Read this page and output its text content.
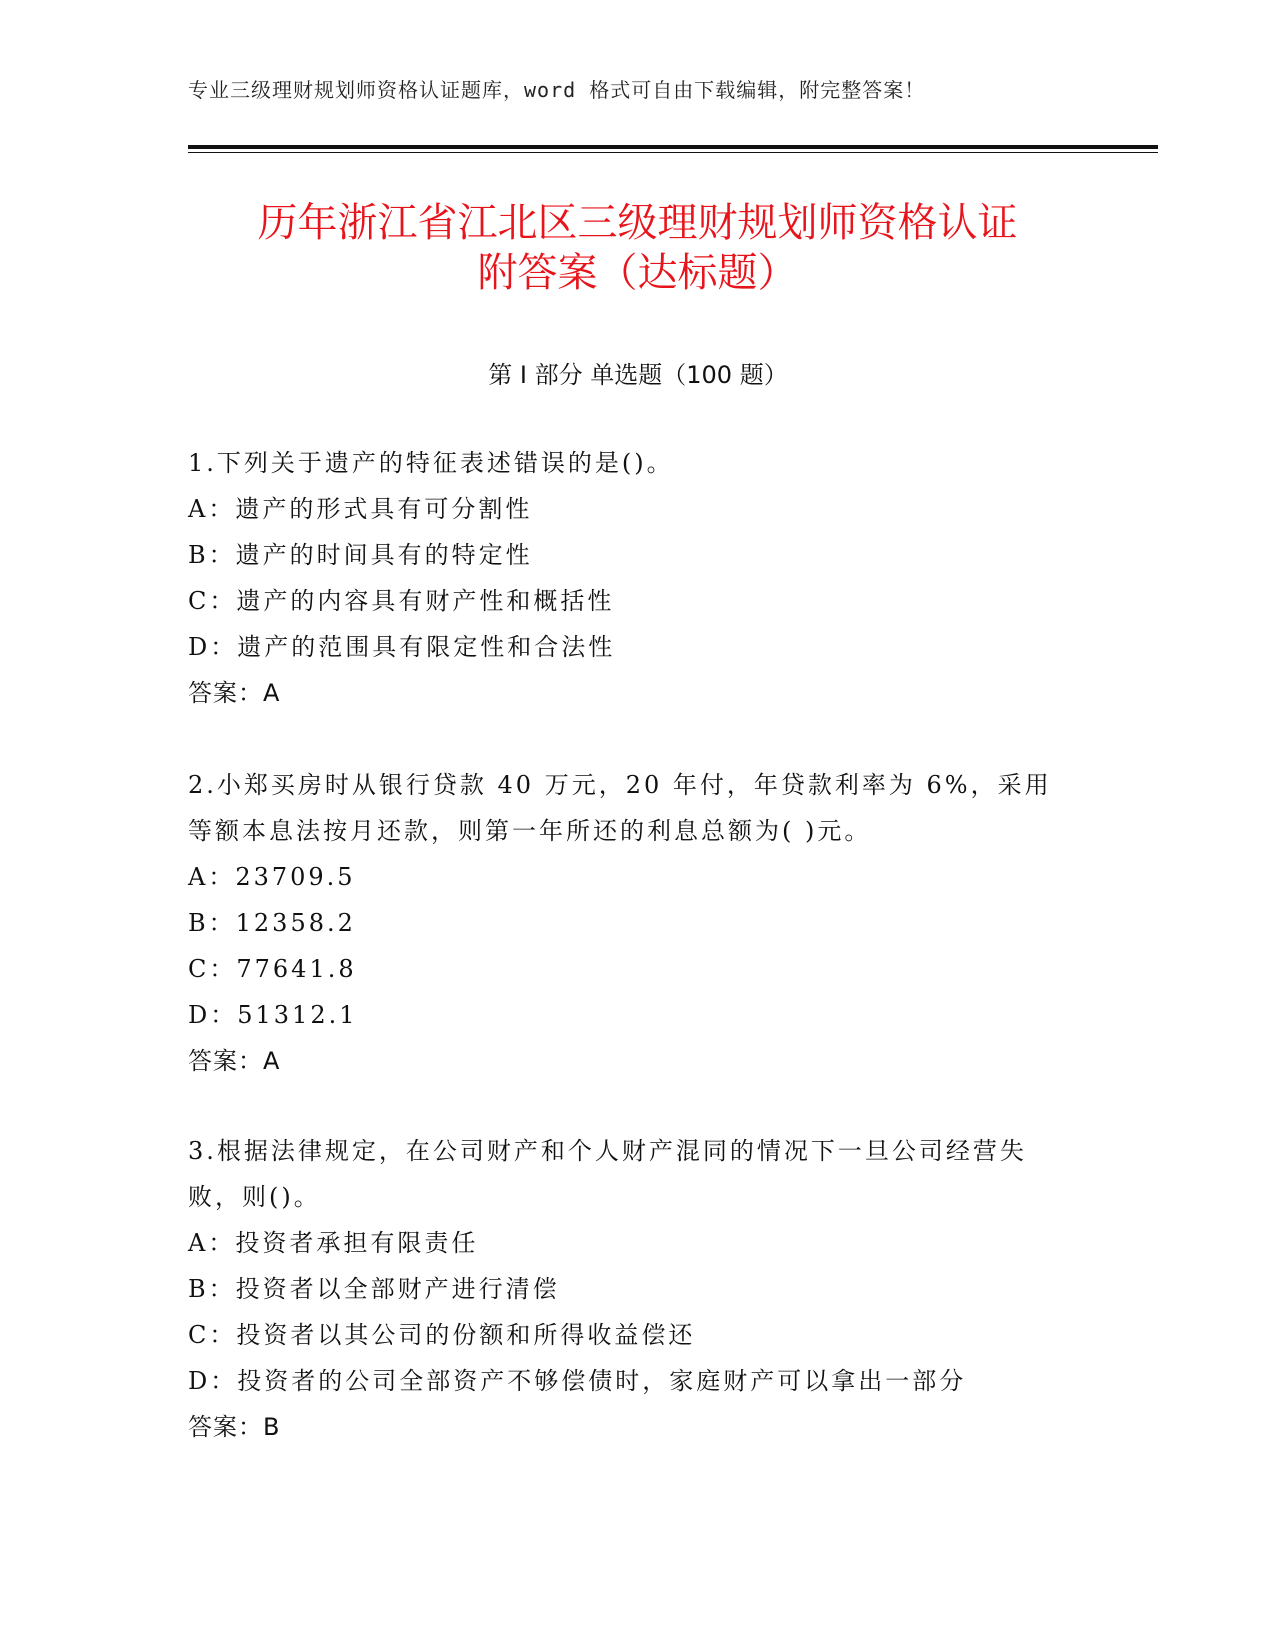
专业三级理财规划师资格认证题库，word 格式可自由下载编辑，附完整答案！
历年浙江省江北区三级理财规划师资格认证
附答案（达标题）
第 I 部分 单选题（100 题）

1.下列关于遗产的特征表述错误的是()。

A：遗产的形式具有可分割性

B：遗产的时间具有的特定性

C：遗产的内容具有财产性和概括性

D：遗产的范围具有限定性和合法性

答案：A

2.小郑买房时从银行贷款 40 万元，20 年付，年贷款利率为 6%，采用等额本息法按月还款，则第一年所还的利息总额为( )元。

A：23709.5

B：12358.2

C：77641.8

D：51312.1

答案：A

3.根据法律规定，在公司财产和个人财产混同的情况下一旦公司经营失败，则()。

A：投资者承担有限责任

B：投资者以全部财产进行清偿

C：投资者以其公司的份额和所得收益偿还

D：投资者的公司全部资产不够偿债时，家庭财产可以拿出一部分

答案：B
